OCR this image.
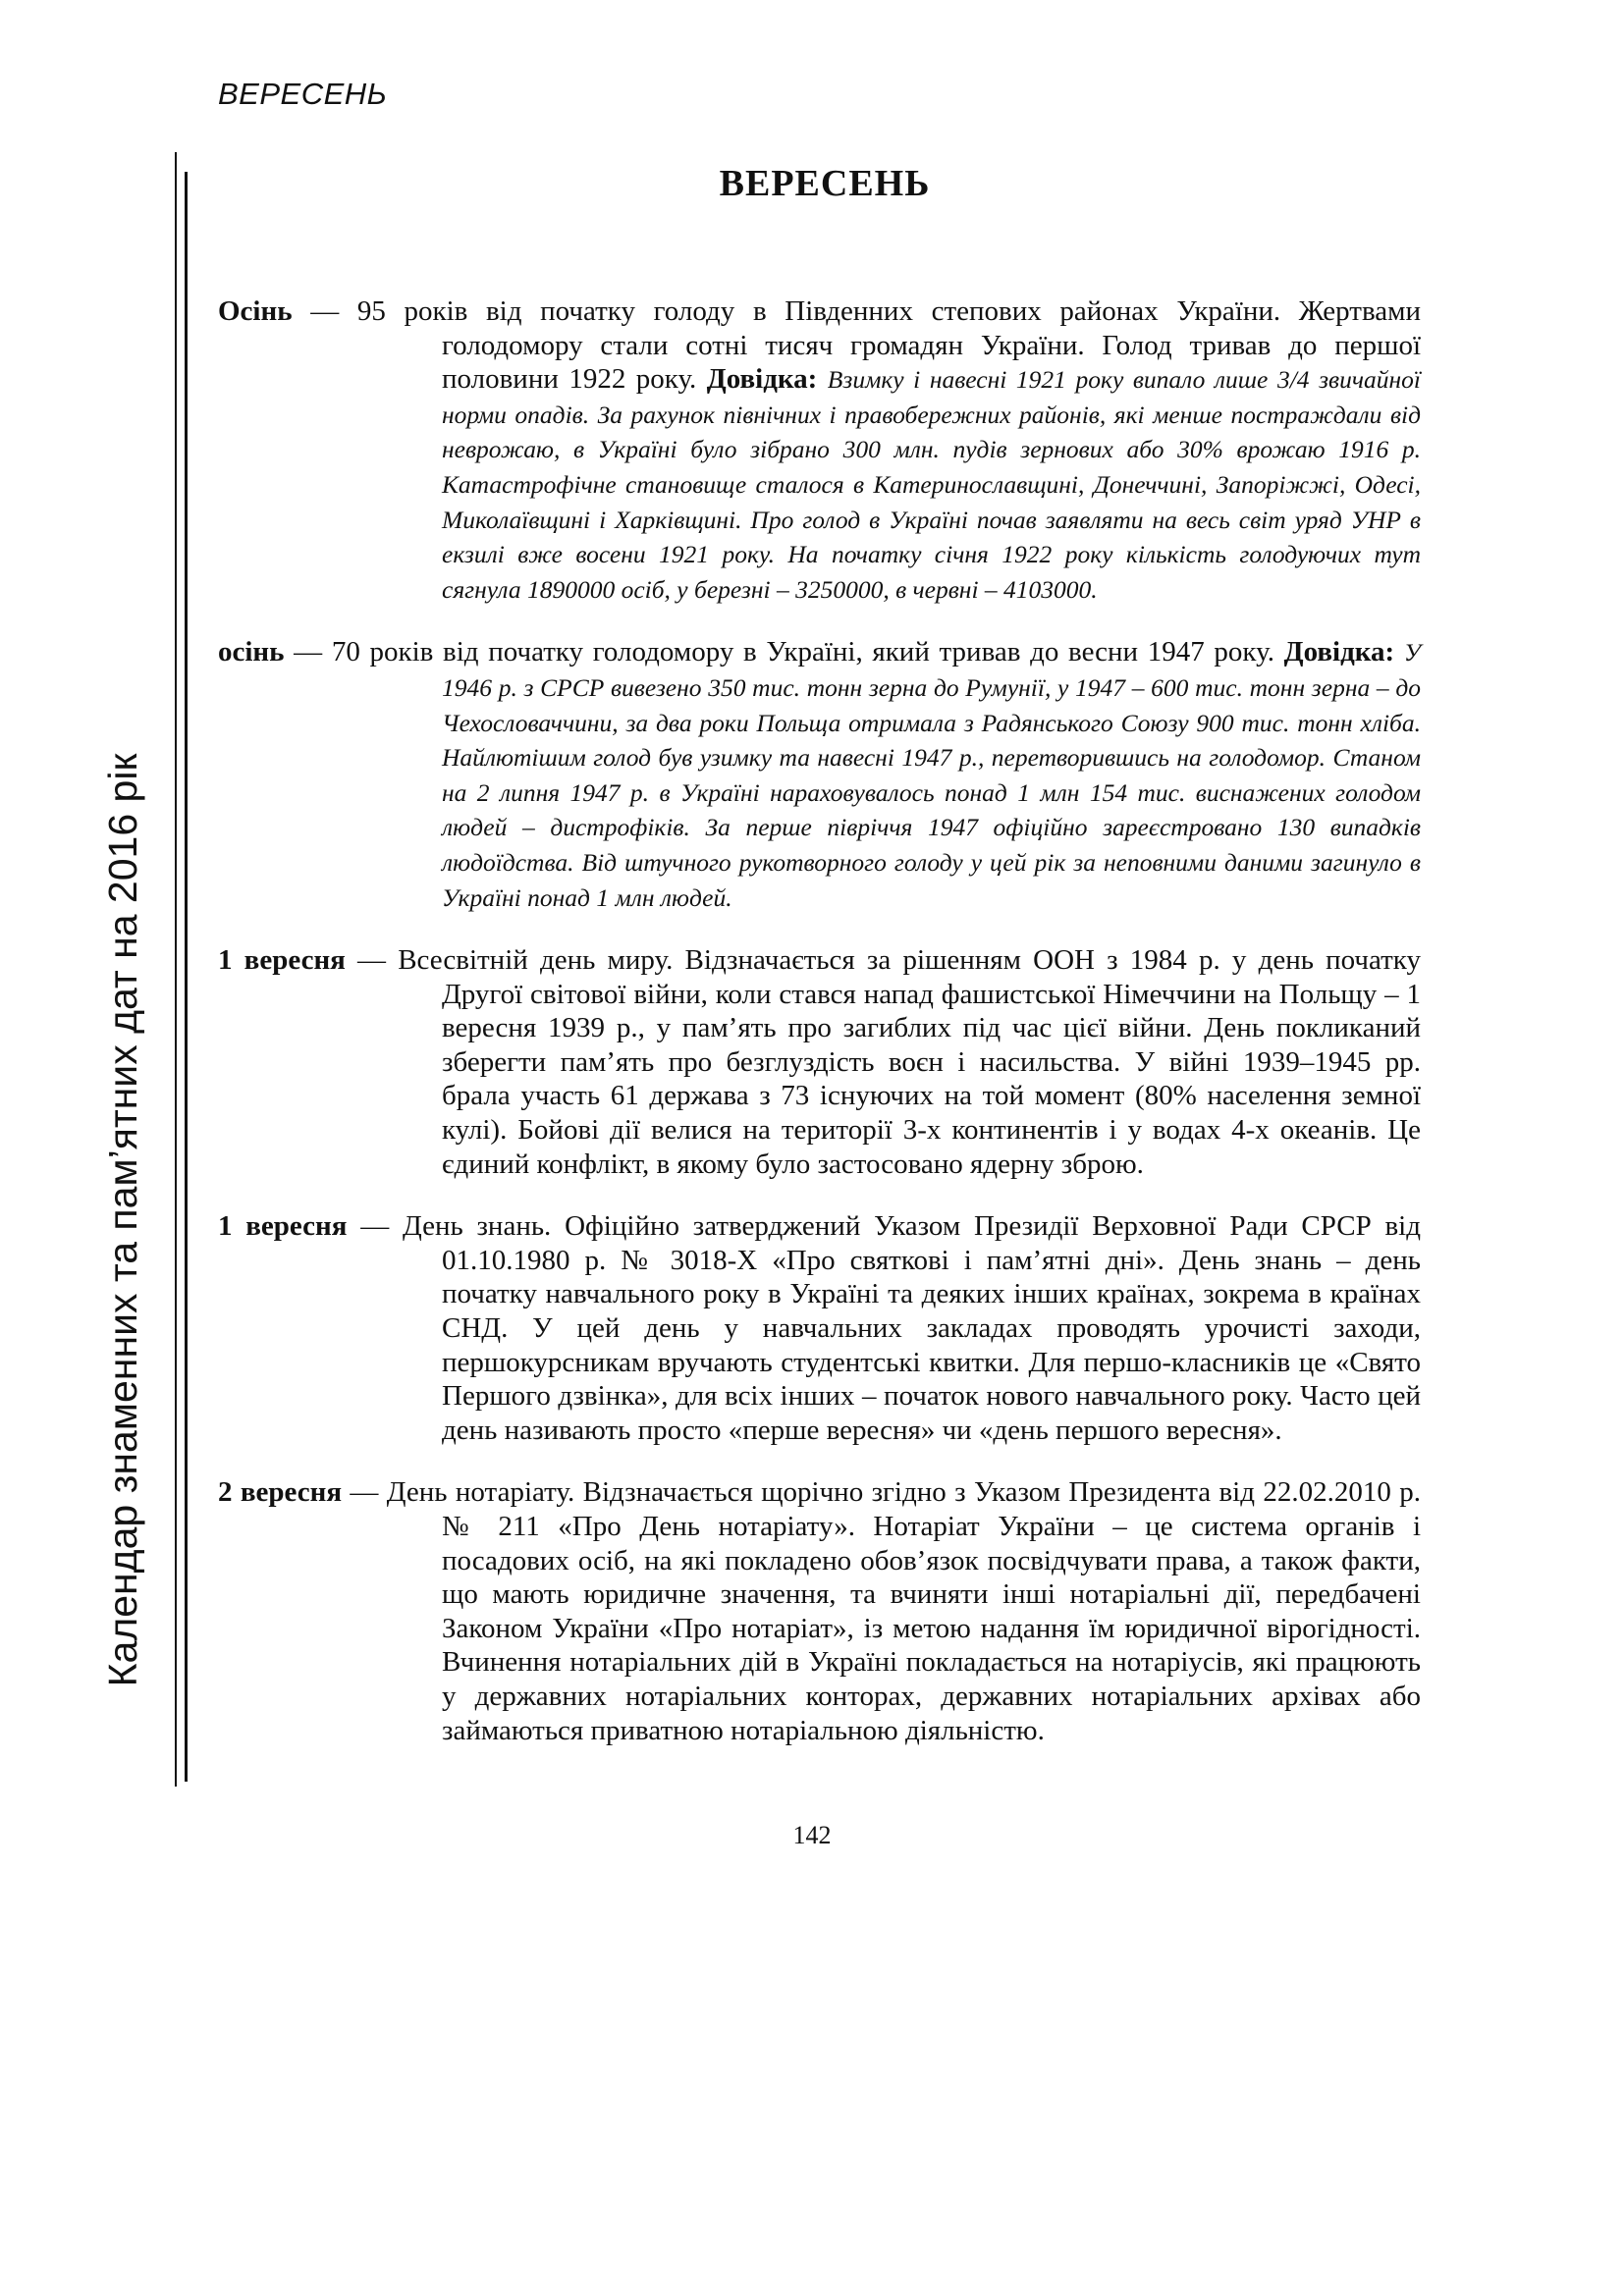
ВЕРЕСЕНЬ
Календар знаменних та пам’ятних дат на 2016 рік
ВЕРЕСЕНЬ

Осінь — 95 років від початку голоду в Південних степових районах України. Жертвами голодомору стали сотні тисяч громадян України. Голод тривав до першої половини 1922 року. Довідка: Взимку і навесні 1921 року випало лише 3/4 звичайної норми опадів. За рахунок північних і правобережних районів, які менше постраждали від неврожаю, в Україні було зібрано 300 млн. пудів зернових або 30% врожаю 1916 р. Катастрофічне становище сталося в Катеринославщині, Донеччині, Запоріжжі, Одесі, Миколаївщині і Харківщині. Про голод в Україні почав заявляти на весь світ уряд УНР в екзилі вже восени 1921 року. На початку січня 1922 року кількість голодуючих тут сягнула 1890000 осіб, у березні – 3250000, в червні – 4103000.

осінь — 70 років від початку голодомору в Україні, який тривав до весни 1947 року. Довідка: У 1946 р. з СРСР вивезено 350 тис. тонн зерна до Румунії, у 1947 – 600 тис. тонн зерна – до Чехословаччини, за два роки Польща отримала з Радянського Союзу 900 тис. тонн хліба. Найлютішим голод був узимку та навесні 1947 р., перетворившись на голодомор. Станом на 2 липня 1947 р. в Україні нараховувалось понад 1 млн 154 тис. виснажених голодом людей – дистрофіків. За перше півріччя 1947 офіційно зареєстровано 130 випадків людоїдства. Від штучного рукотворного голоду у цей рік за неповними даними загинуло в Україні понад 1 млн людей.

1 вересня — Всесвітній день миру. Відзначається за рішенням ООН з 1984 р. у день початку Другої світової війни, коли стався напад фашистської Німеччини на Польщу – 1 вересня 1939 р., у пам’ять про загиблих під час цієї війни. День покликаний зберегти пам’ять про безглуздість воєн і насильства. У війні 1939–1945 рр. брала участь 61 держава з 73 існуючих на той момент (80% населення земної кулі). Бойові дії велися на території 3-х континентів і у водах 4-х океанів. Це єдиний конфлікт, в якому було застосовано ядерну зброю.

1 вересня — День знань. Офіційно затверджений Указом Президії Верховної Ради СРСР від 01.10.1980 р. № 3018-Х «Про святкові і пам’ятні дні». День знань – день початку навчального року в Україні та деяких інших країнах, зокрема в країнах СНД. У цей день у навчальних закладах проводять урочисті заходи, першокурсникам вручають студентські квитки. Для першо-класників це «Свято Першого дзвінка», для всіх інших – початок нового навчального року. Часто цей день називають просто «перше вересня» чи «день першого вересня».

2 вересня — День нотаріату. Відзначається щорічно згідно з Указом Президента від 22.02.2010 р. № 211 «Про День нотаріату». Нотаріат України – це система органів і посадових осіб, на які покладено обов’язок посвідчувати права, а також факти, що мають юридичне значення, та вчиняти інші нотаріальні дії, передбачені Законом України «Про нотаріат», із метою надання їм юридичної вірогідності. Вчинення нотаріальних дій в Україні покладається на нотаріусів, які працюють у державних нотаріальних конторах, державних нотаріальних архівах або займаються приватною нотаріальною діяльністю.

142
